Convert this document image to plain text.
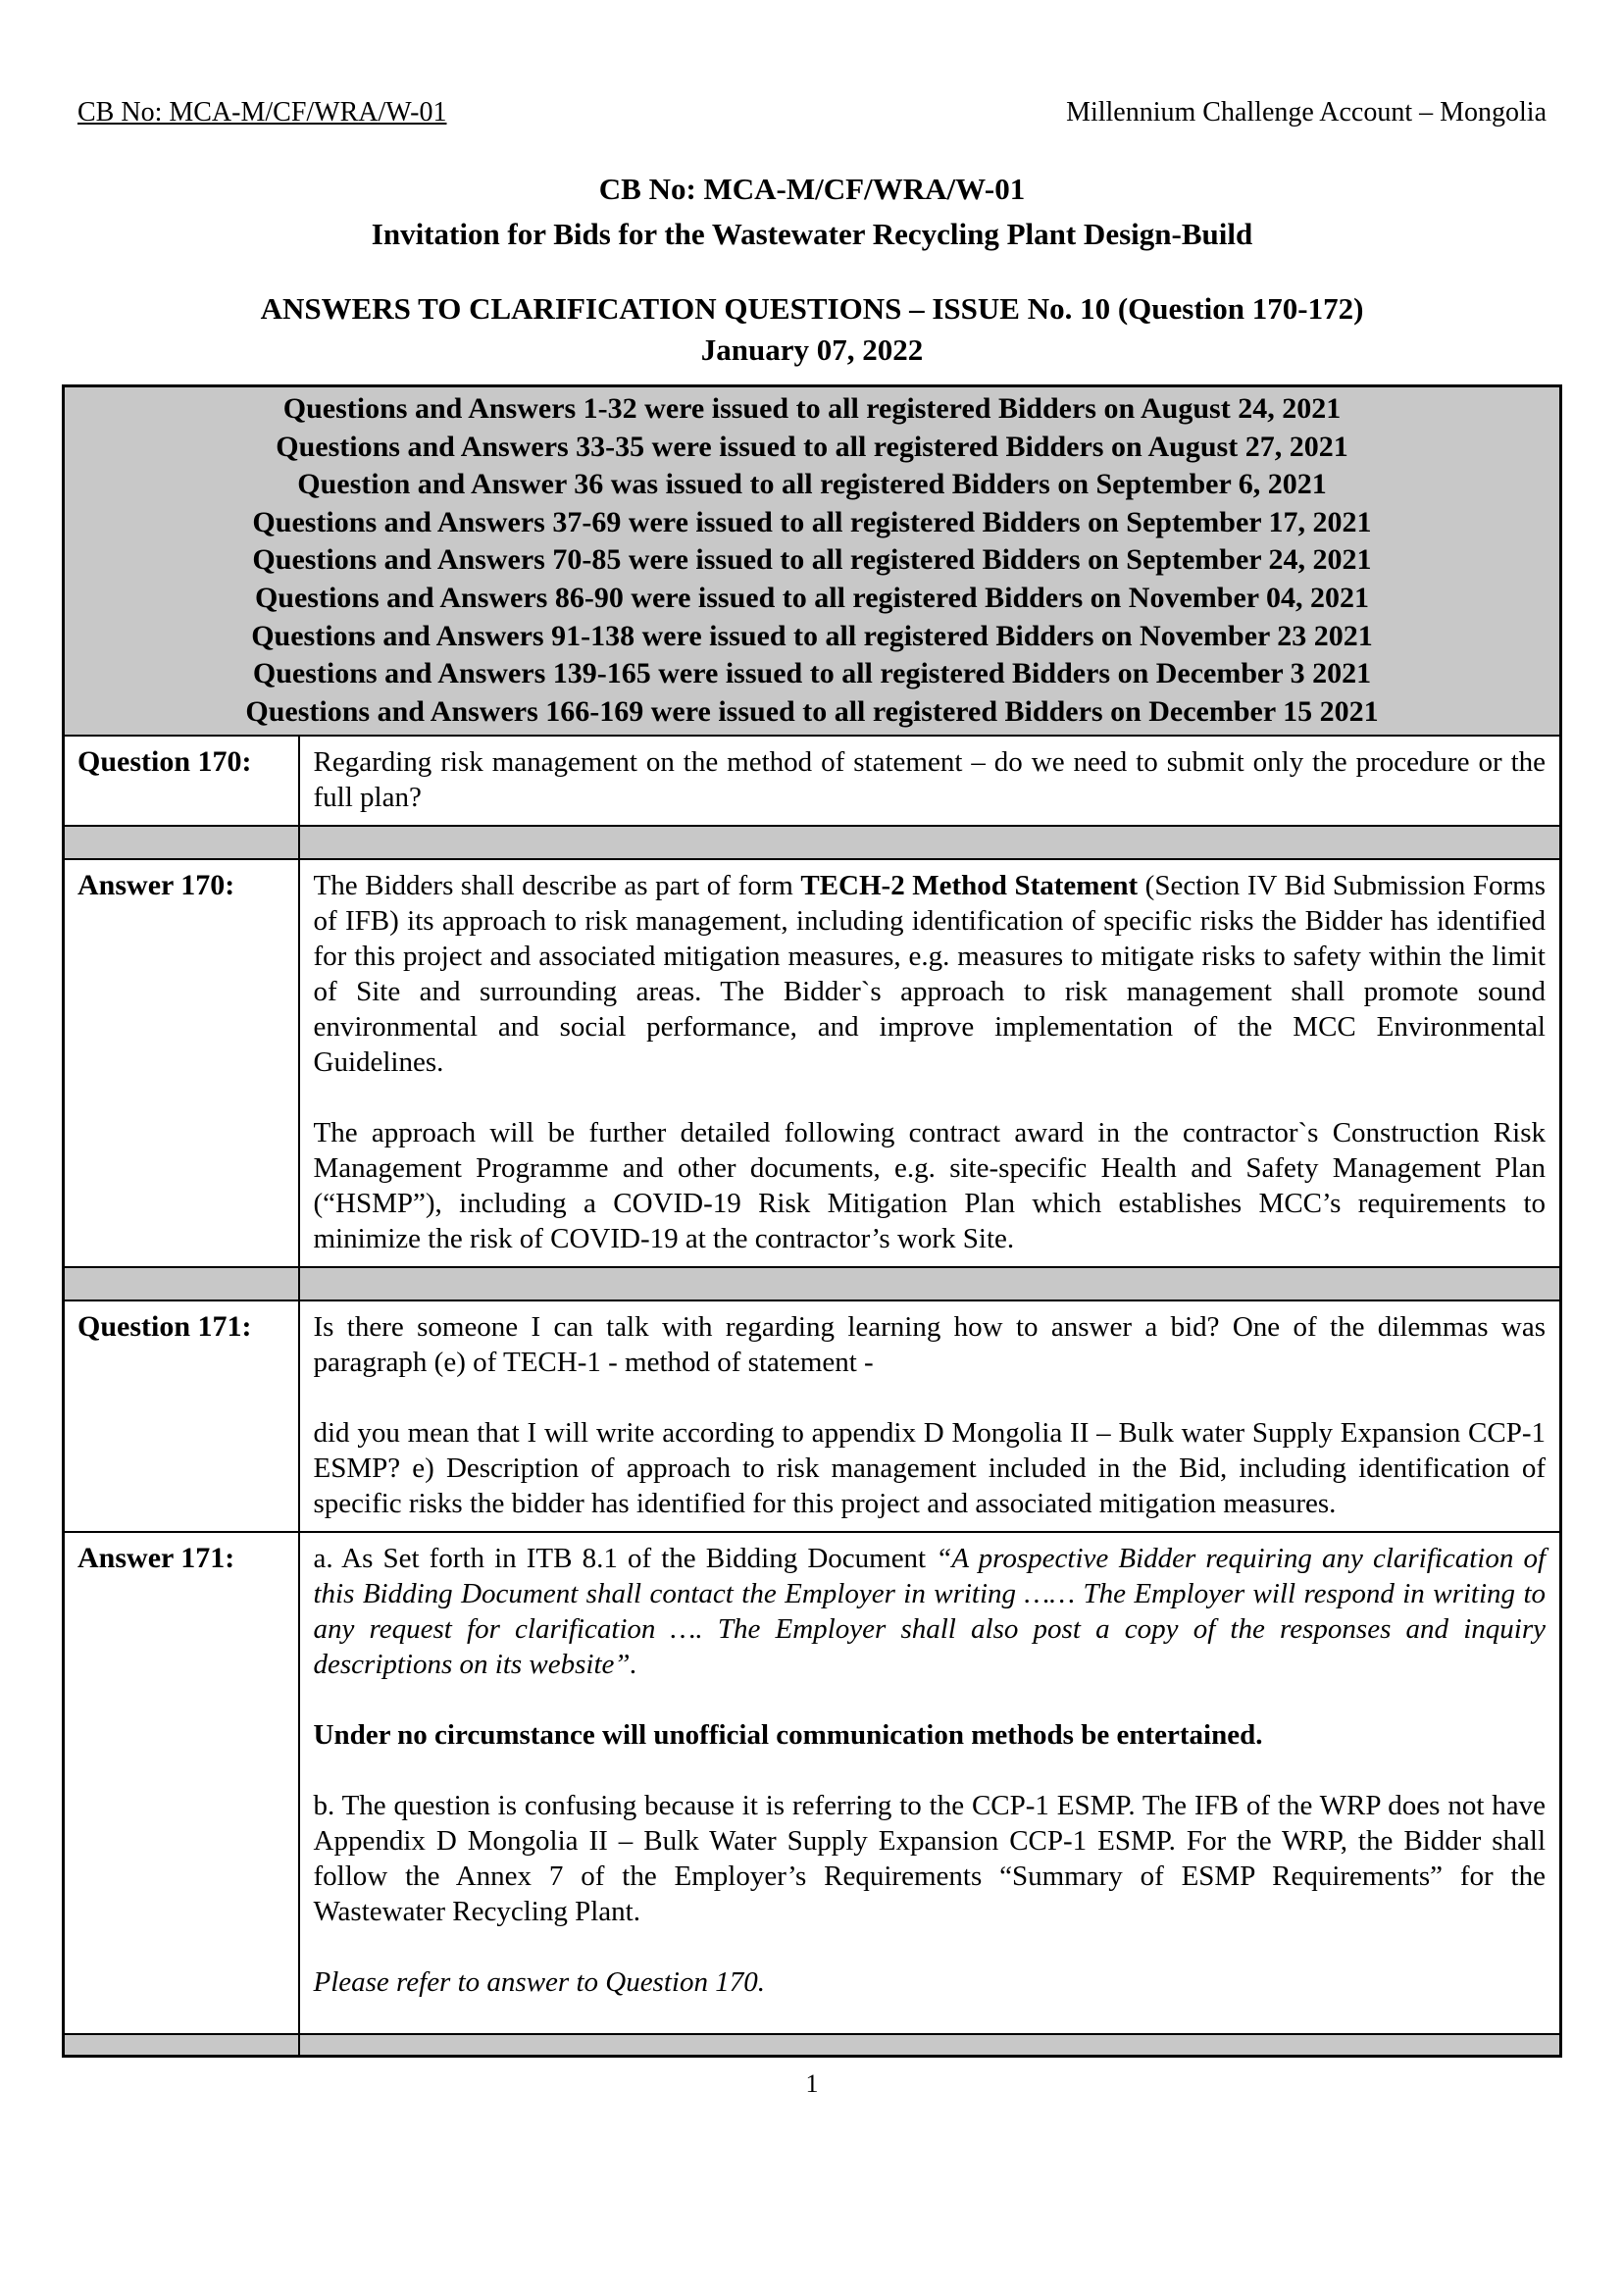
CB No: MCA-M/CF/WRA/W-01	Millennium Challenge Account – Mongolia
CB No: MCA-M/CF/WRA/W-01
Invitation for Bids for the Wastewater Recycling Plant Design-Build
ANSWERS TO CLARIFICATION QUESTIONS – ISSUE No. 10 (Question 170-172)
January 07, 2022
Questions and Answers 1-32 were issued to all registered Bidders on August 24, 2021
Questions and Answers 33-35 were issued to all registered Bidders on August 27, 2021
Question and Answer 36 was issued to all registered Bidders on September 6, 2021
Questions and Answers 37-69 were issued to all registered Bidders on September 17, 2021
Questions and Answers 70-85 were issued to all registered Bidders on September 24, 2021
Questions and Answers 86-90 were issued to all registered Bidders on November 04, 2021
Questions and Answers 91-138 were issued to all registered Bidders on November 23 2021
Questions and Answers 139-165 were issued to all registered Bidders on December 3 2021
Questions and Answers 166-169 were issued to all registered Bidders on December 15 2021

Question 170:	Regarding risk management on the method of statement – do we need to submit only the procedure or the full plan?

Answer 170:	The Bidders shall describe as part of form TECH-2 Method Statement (Section IV Bid Submission Forms of IFB) its approach to risk management, including identification of specific risks the Bidder has identified for this project and associated mitigation measures, e.g. measures to mitigate risks to safety within the limit of Site and surrounding areas. The Bidder`s approach to risk management shall promote sound environmental and social performance, and improve implementation of the MCC Environmental Guidelines.

The approach will be further detailed following contract award in the contractor`s Construction Risk Management Programme and other documents, e.g. site-specific Health and Safety Management Plan (“HSMP”), including a COVID-19 Risk Mitigation Plan which establishes MCC’s requirements to minimize the risk of COVID-19 at the contractor’s work Site.

Question 171:	Is there someone I can talk with regarding learning how to answer a bid? One of the dilemmas was paragraph (e) of TECH-1 - method of statement -

did you mean that I will write according to appendix D Mongolia II – Bulk water Supply Expansion CCP-1 ESMP? e) Description of approach to risk management included in the Bid, including identification of specific risks the bidder has identified for this project and associated mitigation measures.

Answer 171:	a. As Set forth in ITB 8.1 of the Bidding Document “A prospective Bidder requiring any clarification of this Bidding Document shall contact the Employer in writing …… The Employer will respond in writing to any request for clarification …. The Employer shall also post a copy of the responses and inquiry descriptions on its website”.

Under no circumstance will unofficial communication methods be entertained.

b. The question is confusing because it is referring to the CCP-1 ESMP. The IFB of the WRP does not have Appendix D Mongolia II – Bulk Water Supply Expansion CCP-1 ESMP. For the WRP, the Bidder shall follow the Annex 7 of the Employer’s Requirements “Summary of ESMP Requirements” for the Wastewater Recycling Plant.

Please refer to answer to Question 170.

1
